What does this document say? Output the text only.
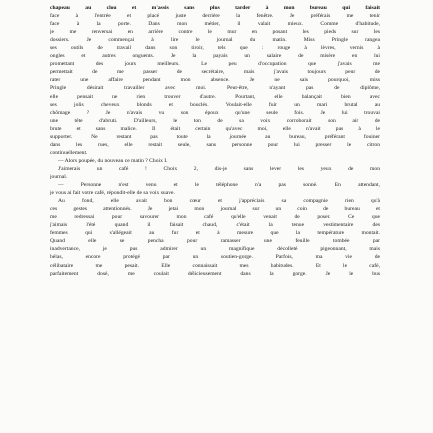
chapeau au clou et m'assis sans plus tarder à mon bureau qui faisait
face à l'entrée et placé juste derrière la fenêtre. Je préférais me tenir
face à la porte. Dans mon métier, il valait mieux. Comme d'habitude,
je me renversai en arrière contre le mur en posant les pieds sur les
dossiers. Je commençai à lire le journal du matin. Miss Pringle rangea
ses outils de travail dans son tiroir, tels que : rouge à lèvres, vernis à
ongles et autres onguents. Je la payais un salaire de misère en lui
promettant des jours meilleurs. Le peu d'occupation que j'avais me
permettait de me passer de secrétaire, mais j'avais toujours peur de
rater une affaire pendant mon absence. Je ne sais pourquoi, miss
Pringle désirait travailler avec moi. Peut-être, n'ayant pas de diplôme,
elle pensait ne rien trouver d'autre. Pourtant, elle balançait bien avec
ses jolis cheveux blonds et bouclés. Voulait-elle fuir un mari brutal au
chômage ? Je n'avais vu son époux qu'une seule fois. Je lui trouvai
une tête d'abruti. D'ailleurs, le ton de sa voix corroborait son air de
brute et sans malice. Il était certain qu'avec moi, elle n'avait pas à le
supporter. Ne restant pas toute la journée au bureau, préférant fouiner
dans les rues, elle restait seule, sans personne pour lui presser le citron
continuellement.
— Alors poupée, du nouveau ce matin ? Choix I.
J'aimerais un café ! Choix 2, dis-je sans lever les yeux de mon
journal.
— Personne n'est venu et le téléphone n'a pas sonné. En attendant,
je vous ai fait votre café, répondit-elle de sa voix suave.
Au fond, elle avait bon cœur et j'appréciais sa compagnie rien qu'à
ces gestes attentionnés. Je jetai mon journal sur un coin de bureau et
me redressai pour savourer mon café qu'elle venait de poser. Ce que
j'aimais l'été quand il faisait chaud, c'était la tenue vestimentaire des
femmes qui s'allégeait au fur et à mesure que la température montait.
Quand elle se pencha pour ramasser une feuille tombée par
inadvertance, je pus admirer un magnifique décolleté pigeonnant, mais
hélas, encore protégé par un soutien-gorge. Parfois, ma vie de
célibataire me pesait. Elle connaissait mes habitudes. Et le café,
parfaitement dosé, me coulait délicieusement dans la gorge. Je le bus
